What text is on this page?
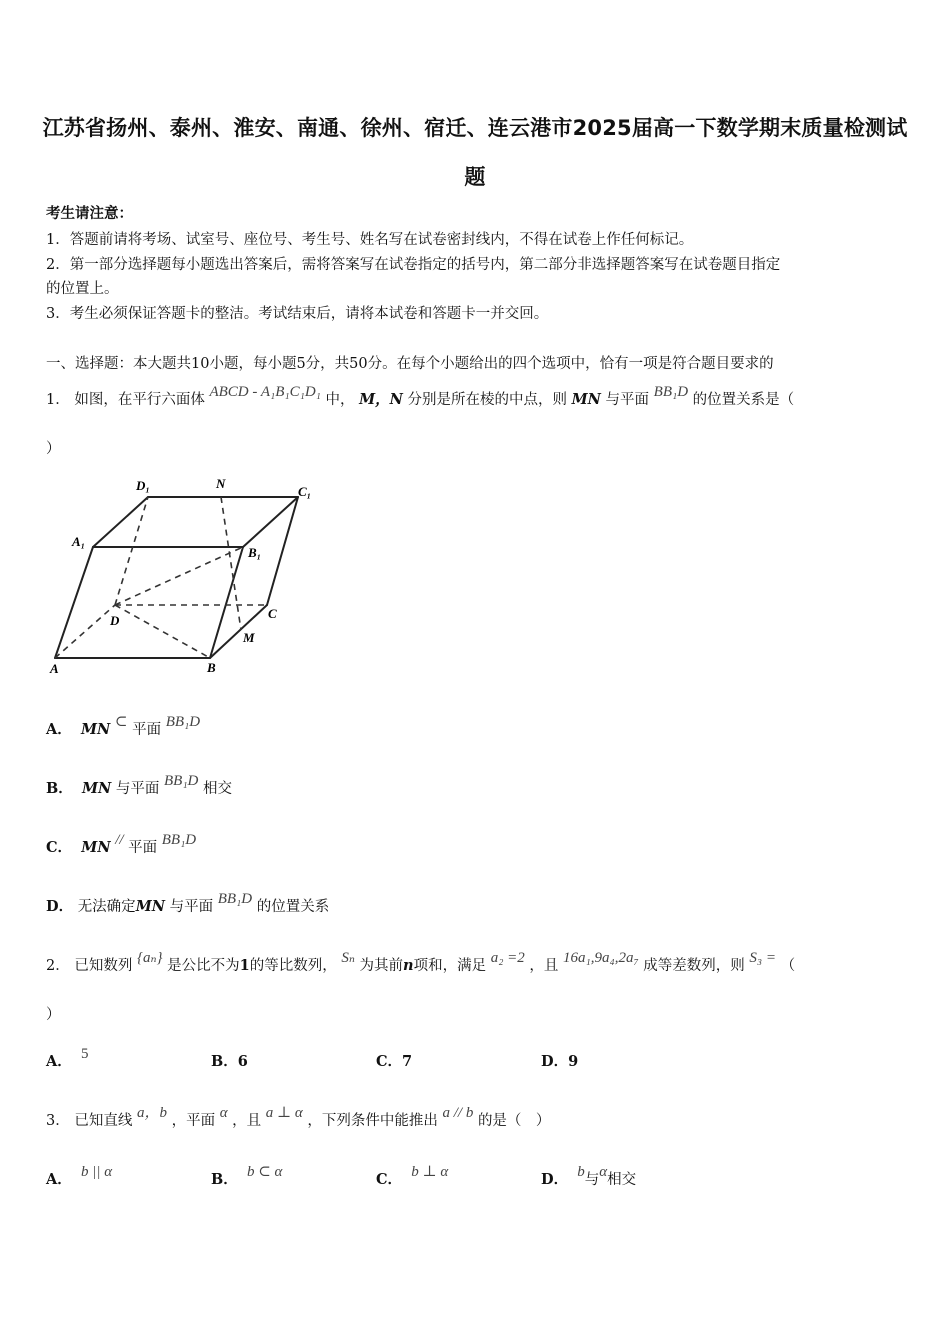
江苏省扬州、泰州、淮安、南通、徐州、宿迁、连云港市2025届高一下数学期末质量检测试
题
考生请注意：
1．答题前请将考场、试室号、座位号、考生号、姓名写在试卷密封线内，不得在试卷上作任何标记。
2．第一部分选择题每小题选出答案后，需将答案写在试卷指定的括号内，第二部分非选择题答案写在试卷题目指定
的位置上。
3．考生必须保证答题卡的整洁。考试结束后，请将本试卷和答题卡一并交回。
一、选择题：本大题共10小题，每小题5分，共50分。在每个小题给出的四个选项中，恰有一项是符合题目要求的
1． 如图，在平行六面体 ABCD - A₁B₁C₁D₁ 中， M，N 分别是所在棱的中点，则 MN 与平面 BB₁D 的位置关系是（
）
D₁	N
C₁
A₁
B₁
D	C
M
A	B
A． MN ⊂ 平面 BB₁D
B． MN 与平面 BB₁D 相交
C． MN // 平面 BB₁D
D． 无法确定MN 与平面 BB₁D 的位置关系
2． 已知数列 {aₙ} 是公比不为1的等比数列， Sₙ 为其前n项和，满足 a₂ =2 ，且 16a₁,9a₄,2a₇ 成等差数列，则 S₃ = （
）
A． 5	B．6	C．7	D．9
3． 已知直线 a，b ，平面 α ，且 a ⊥ α ，下列条件中能推出 a // b 的是（　）
A． b || α	B． b ⊂ α	C． b ⊥ α	D． b与α相交
